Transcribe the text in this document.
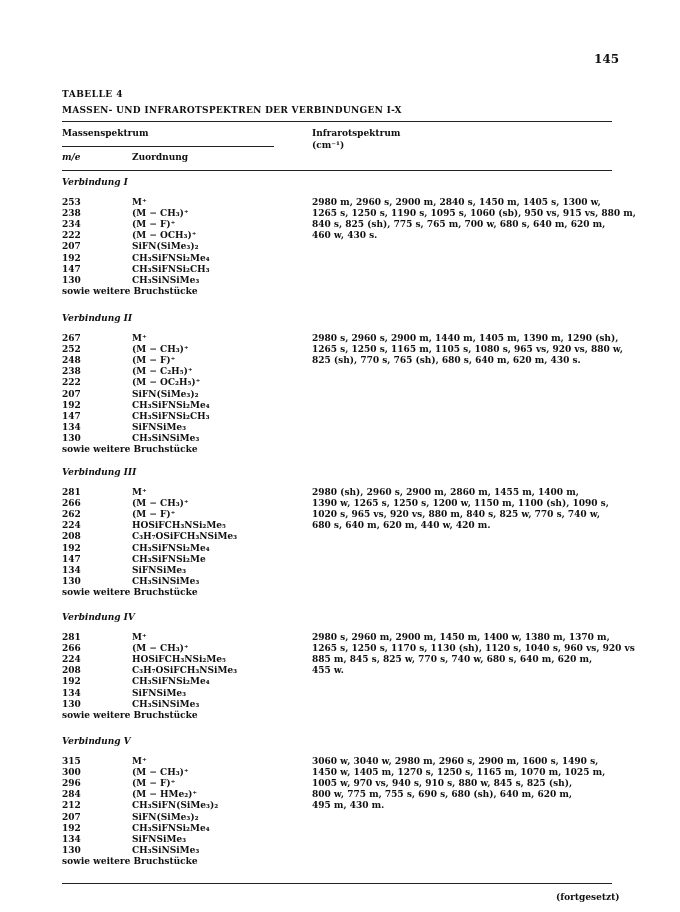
145
TABELLE 4
MASSEN- UND INFRAROTSPEKTREN DER VERBINDUNGEN I-X
Massenspektrum	Infrarotspektrum
(cm⁻¹)
m/e	Zuordnung
Verbindung I
253	M⁺
238	(M − CH₃)⁺
234	(M − F)⁺
222	(M − OCH₃)⁺
207	SiFN(SiMe₃)₂
192	CH₃SiFNSi₂Me₄
147	CH₃SiFNSi₂CH₃
130	CH₃SiNSiMe₃
sowie weitere Bruchstücke
2980 m, 2960 s, 2900 m, 2840 s, 1450 m, 1405 s, 1300 w,
1265 s, 1250 s, 1190 s, 1095 s, 1060 (sb), 950 vs, 915 vs, 880 m,
840 s, 825 (sh), 775 s, 765 m, 700 w, 680 s, 640 m, 620 m,
460 w, 430 s.
Verbindung II
267	M⁺
252	(M − CH₃)⁺
248	(M − F)⁺
238	(M − C₂H₅)⁺
222	(M − OC₂H₅)⁺
207	SiFN(SiMe₃)₂
192	CH₃SiFNSi₂Me₄
147	CH₃SiFNSi₂CH₃
134	SiFNSiMe₃
130	CH₃SiNSiMe₃
sowie weitere Bruchstücke
2980 s, 2960 s, 2900 m, 1440 m, 1405 m, 1390 m, 1290 (sh),
1265 s, 1250 s, 1165 m, 1105 s, 1080 s, 965 vs, 920 vs, 880 w,
825 (sh), 770 s, 765 (sh), 680 s, 640 m, 620 m, 430 s.
Verbindung III
281	M⁺
266	(M − CH₃)⁺
262	(M − F)⁺
224	HOSiFCH₃NSi₂Me₅
208	C₃H₇OSiFCH₃NSiMe₃
192	CH₃SiFNSi₂Me₄
147	CH₃SiFNSi₂Me
134	SiFNSiMe₃
130	CH₃SiNSiMe₃
sowie weitere Bruchstücke
2980 (sh), 2960 s, 2900 m, 2860 m, 1455 m, 1400 m,
1390 w, 1265 s, 1250 s, 1200 w, 1150 m, 1100 (sh), 1090 s,
1020 s, 965 vs, 920 vs, 880 m, 840 s, 825 w, 770 s, 740 w,
680 s, 640 m, 620 m, 440 w, 420 m.
Verbindung IV
281	M⁺
266	(M − CH₃)⁺
224	HOSiFCH₃NSi₂Me₅
208	C₃H₇OSiFCH₃NSiMe₃
192	CH₃SiFNSi₂Me₄
134	SiFNSiMe₃
130	CH₃SiNSiMe₃
sowie weitere Bruchstücke
2980 s, 2960 m, 2900 m, 1450 m, 1400 w, 1380 m, 1370 m,
1265 s, 1250 s, 1170 s, 1130 (sh), 1120 s, 1040 s, 960 vs, 920 vs
885 m, 845 s, 825 w, 770 s, 740 w, 680 s, 640 m, 620 m,
455 w.
Verbindung V
315	M⁺
300	(M − CH₃)⁺
296	(M − F)⁺
284	(M − HMe₂)⁺
212	CH₃SiFN(SiMe₃)₂
207	SiFN(SiMe₃)₂
192	CH₃SiFNSi₂Me₄
134	SiFNSiMe₃
130	CH₃SiNSiMe₃
sowie weitere Bruchstücke
3060 w, 3040 w, 2980 m, 2960 s, 2900 m, 1600 s, 1490 s,
1450 w, 1405 m, 1270 s, 1250 s, 1165 m, 1070 m, 1025 m,
1005 w, 970 vs, 940 s, 910 s, 880 w, 845 s, 825 (sh),
800 w, 775 m, 755 s, 690 s, 680 (sh), 640 m, 620 m,
495 m, 430 m.
(fortgesetzt)
